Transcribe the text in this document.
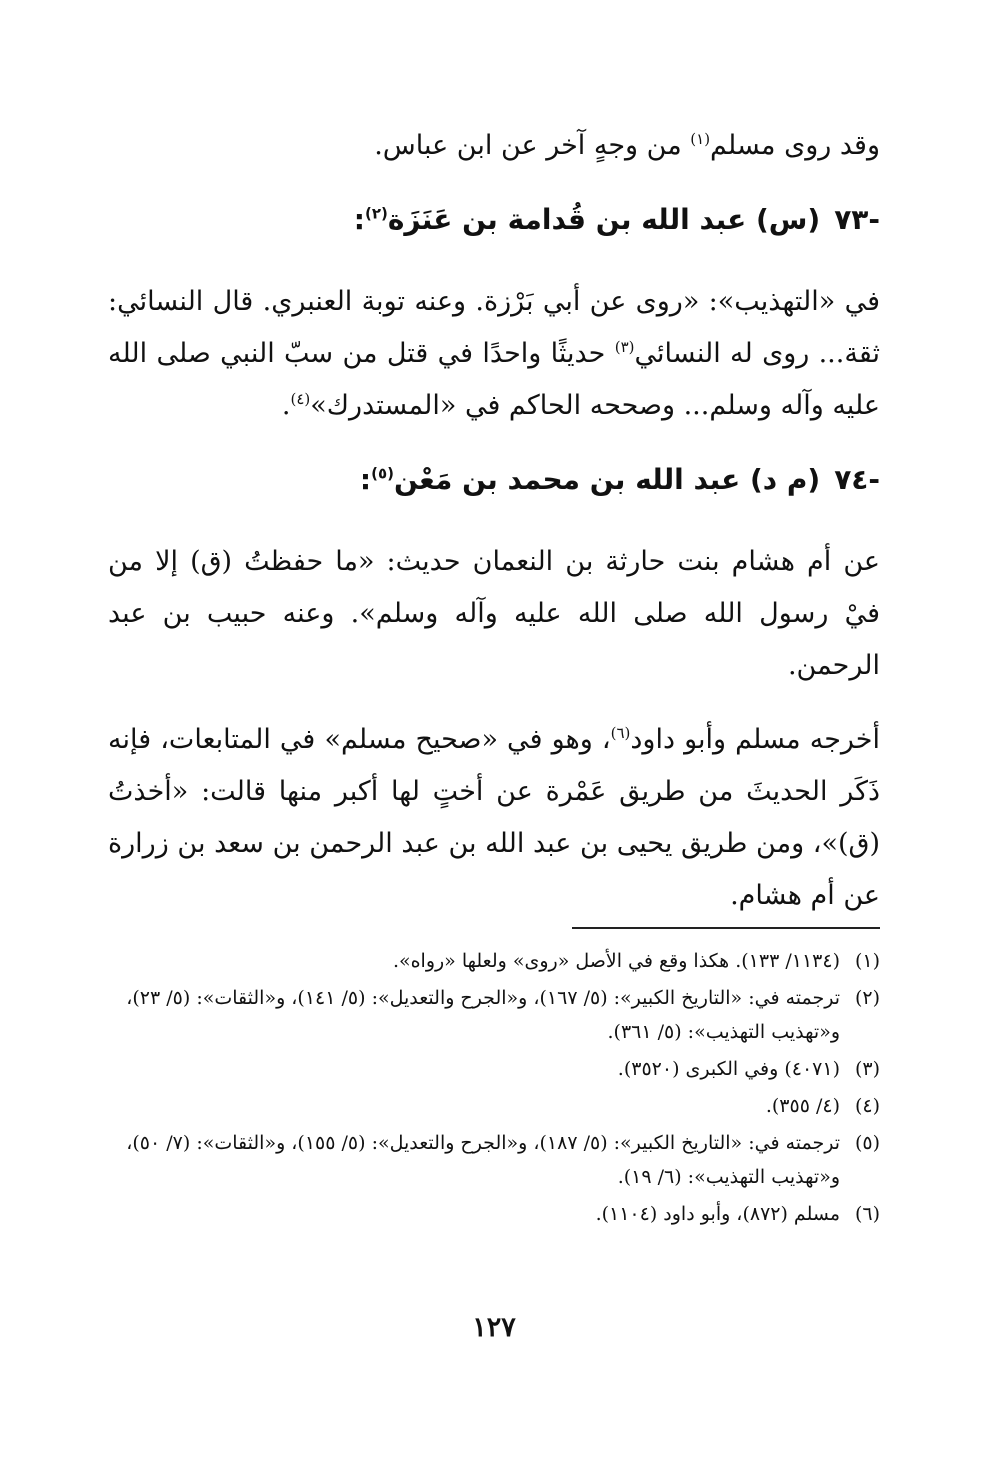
وقد روى مسلم$^{(١)}$ من وجهٍ آخر عن ابن عباس.

-٧٣(س) عبد الله بن قُدامة بن عَنَزَة$^{(٢)}$:

في «التهذيب»: «روى عن أبي بَرْزة. وعنه توبة العنبري. قال النسائي: ثقة... روى له النسائي$^{(٣)}$ حديثًا واحدًا في قتل من سبّ النبي صلى الله عليه وآله وسلم... وصححه الحاكم في «المستدرك»$^{(٤)}$.

-٧٤(م د) عبد الله بن محمد بن مَعْن$^{(٥)}$:

عن أم هشام بنت حارثة بن النعمان حديث: «ما حفظتُ (ق) إلا من فيْ رسول الله صلى الله عليه وآله وسلم». وعنه حبيب بن عبد الرحمن.

أخرجه مسلم وأبو داود$^{(٦)}$، وهو في «صحيح مسلم» في المتابعات، فإنه ذَكَر الحديثَ من طريق عَمْرة عن أختٍ لها أكبر منها قالت: «أخذتُ (ق)»، ومن طريق يحيى بن عبد الله بن عبد الرحمن بن سعد بن زرارة عن أم هشام.

(١)
(١١٣٤/ ١٣٣). هكذا وقع في الأصل «روى» ولعلها «رواه».
(٢)
ترجمته في: «التاريخ الكبير»: (٥/ ١٦٧)، و«الجرح والتعديل»: (٥/ ١٤١)، و«الثقات»: (٥/ ٢٣)، و«تهذيب التهذيب»: (٥/ ٣٦١).
(٣)
(٤٠٧١) وفي الكبرى (٣٥٢٠).
(٤)
(٤/ ٣٥٥).
(٥)
ترجمته في: «التاريخ الكبير»: (٥/ ١٨٧)، و«الجرح والتعديل»: (٥/ ١٥٥)، و«الثقات»: (٧/ ٥٠)، و«تهذيب التهذيب»: (٦/ ١٩).
(٦)
مسلم (٨٧٢)، وأبو داود (١١٠٤).
١٢٧
